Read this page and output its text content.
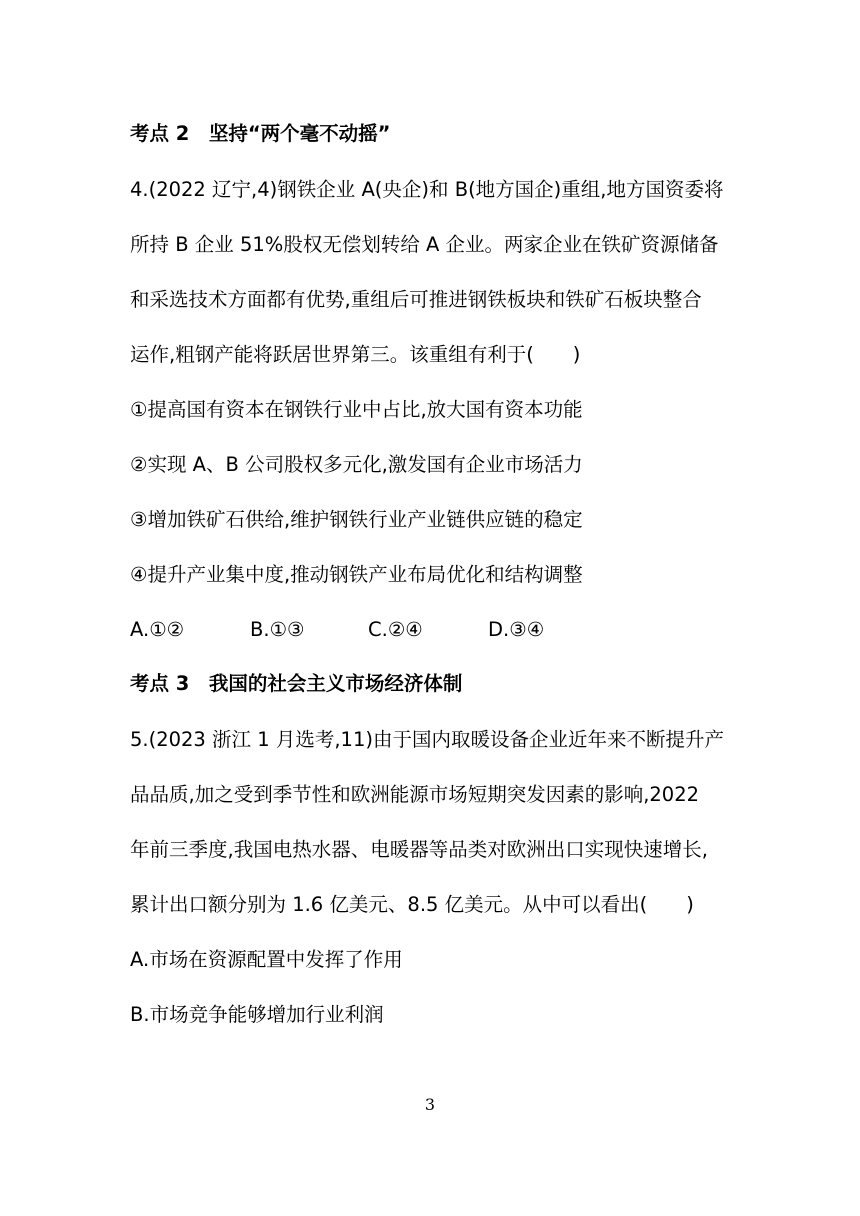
考点 2　坚持“两个毫不动摇”
4.(2022 辽宁,4)钢铁企业 A(央企)和 B(地方国企)重组,地方国资委将
所持 B 企业 51%股权无偿划转给 A 企业。两家企业在铁矿资源储备
和采选技术方面都有优势,重组后可推进钢铁板块和铁矿石板块整合
运作,粗钢产能将跃居世界第三。该重组有利于(　　)
①提高国有资本在钢铁行业中占比,放大国有资本功能
②实现 A、B 公司股权多元化,激发国有企业市场活力
③增加铁矿石供给,维护钢铁行业产业链供应链的稳定
④提升产业集中度,推动钢铁产业布局优化和结构调整
A.①②	B.①③	C.②④	D.③④
考点 3　我国的社会主义市场经济体制
5.(2023 浙江 1 月选考,11)由于国内取暖设备企业近年来不断提升产
品品质,加之受到季节性和欧洲能源市场短期突发因素的影响,2022
年前三季度,我国电热水器、电暖器等品类对欧洲出口实现快速增长,
累计出口额分别为 1.6 亿美元、8.5 亿美元。从中可以看出(　　)
A.市场在资源配置中发挥了作用
B.市场竞争能够增加行业利润
3
